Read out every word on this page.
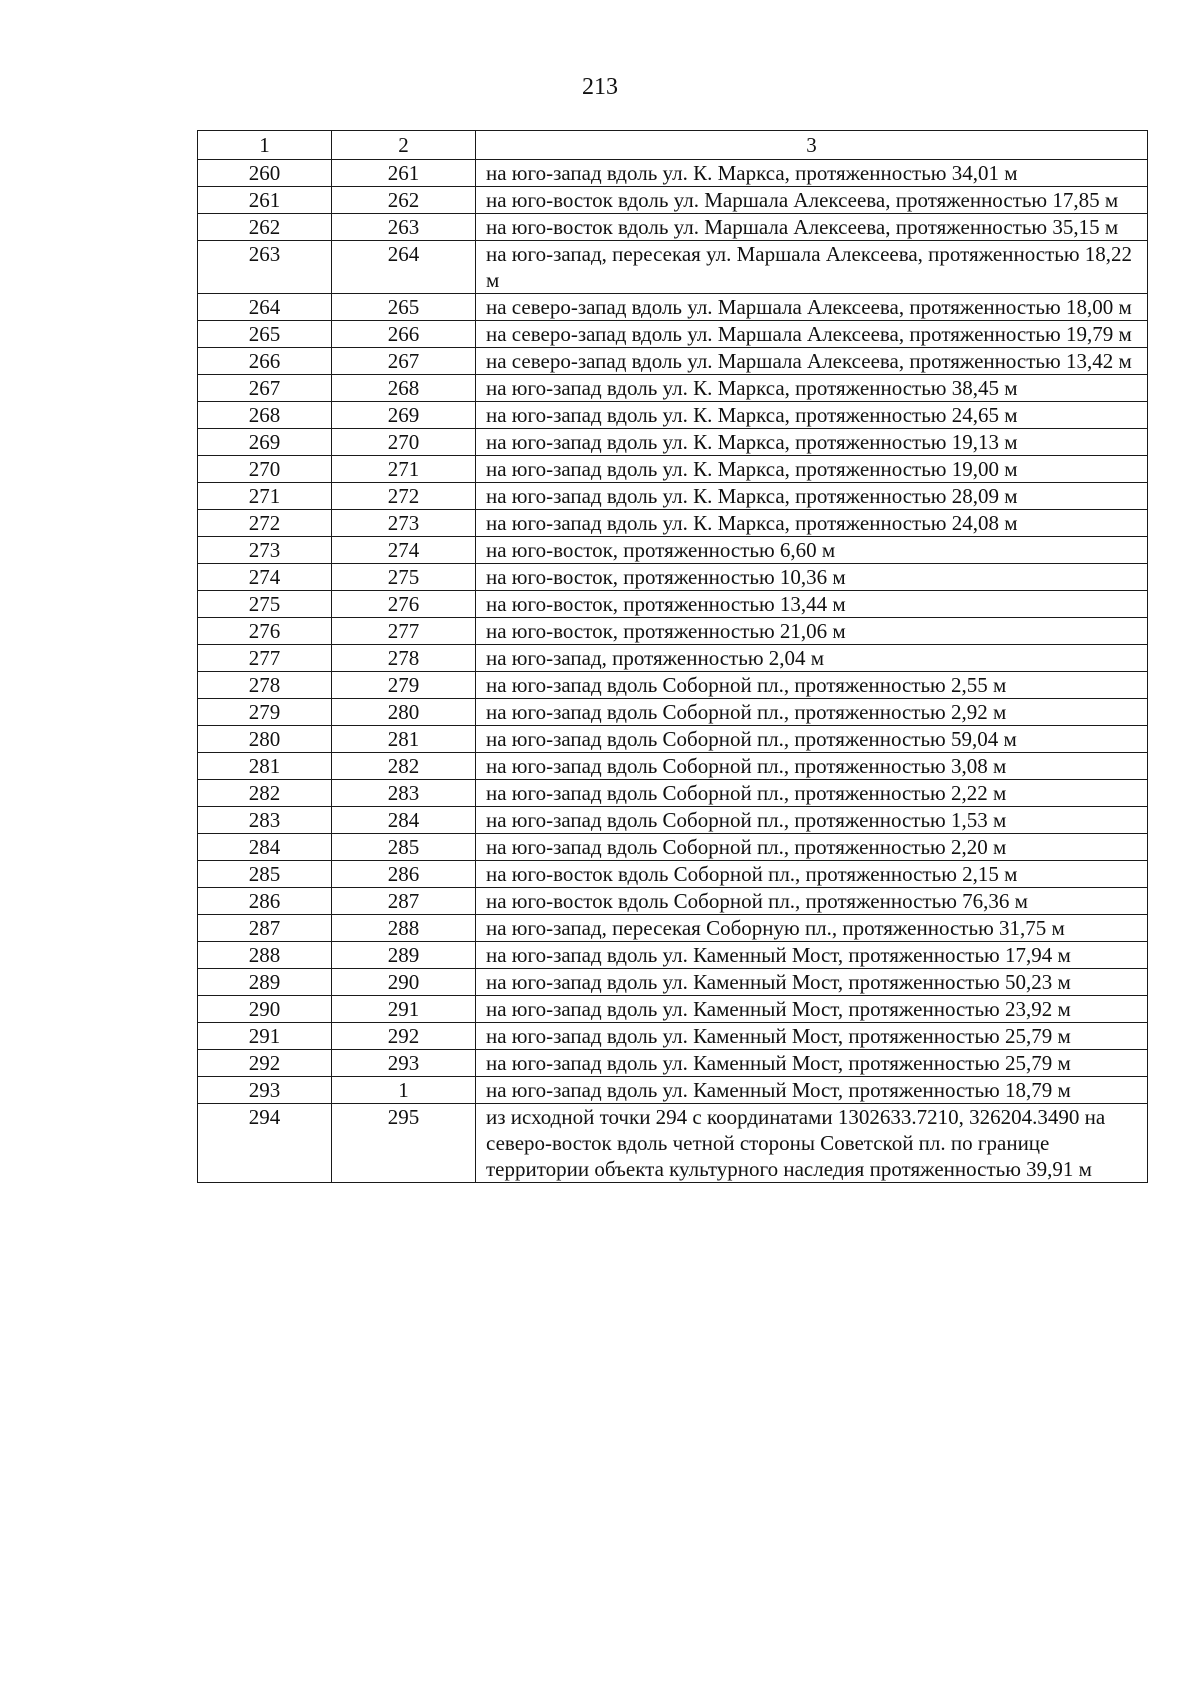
213
1	2	3
260	261	на юго-запад вдоль ул. К. Маркса, протяженностью 34,01 м
261	262	на юго-восток вдоль ул. Маршала Алексеева, протяженностью 17,85 м
262	263	на юго-восток вдоль ул. Маршала Алексеева, протяженностью 35,15 м
263	264	на юго-запад, пересекая ул. Маршала Алексеева, протяженностью 18,22 м
264	265	на северо-запад вдоль ул. Маршала Алексеева, протяженностью 18,00 м
265	266	на северо-запад вдоль ул. Маршала Алексеева, протяженностью 19,79 м
266	267	на северо-запад вдоль ул. Маршала Алексеева, протяженностью 13,42 м
267	268	на юго-запад вдоль ул. К. Маркса, протяженностью 38,45 м
268	269	на юго-запад вдоль ул. К. Маркса, протяженностью 24,65 м
269	270	на юго-запад вдоль ул. К. Маркса, протяженностью 19,13 м
270	271	на юго-запад вдоль ул. К. Маркса, протяженностью 19,00 м
271	272	на юго-запад вдоль ул. К. Маркса, протяженностью 28,09 м
272	273	на юго-запад вдоль ул. К. Маркса, протяженностью 24,08 м
273	274	на юго-восток, протяженностью 6,60 м
274	275	на юго-восток, протяженностью 10,36 м
275	276	на юго-восток, протяженностью 13,44 м
276	277	на юго-восток, протяженностью 21,06 м
277	278	на юго-запад, протяженностью 2,04 м
278	279	на юго-запад вдоль Соборной пл., протяженностью 2,55 м
279	280	на юго-запад вдоль Соборной пл., протяженностью 2,92 м
280	281	на юго-запад вдоль Соборной пл., протяженностью 59,04 м
281	282	на юго-запад вдоль Соборной пл., протяженностью 3,08 м
282	283	на юго-запад вдоль Соборной пл., протяженностью 2,22 м
283	284	на юго-запад вдоль Соборной пл., протяженностью 1,53 м
284	285	на юго-запад вдоль Соборной пл., протяженностью 2,20 м
285	286	на юго-восток вдоль Соборной пл., протяженностью 2,15 м
286	287	на юго-восток вдоль Соборной пл., протяженностью 76,36 м
287	288	на юго-запад, пересекая Соборную пл., протяженностью 31,75 м
288	289	на юго-запад вдоль ул. Каменный Мост, протяженностью 17,94 м
289	290	на юго-запад вдоль ул. Каменный Мост, протяженностью 50,23 м
290	291	на юго-запад вдоль ул. Каменный Мост, протяженностью 23,92 м
291	292	на юго-запад вдоль ул. Каменный Мост, протяженностью 25,79 м
292	293	на юго-запад вдоль ул. Каменный Мост, протяженностью 25,79 м
293	1	на юго-запад вдоль ул. Каменный Мост, протяженностью 18,79 м
294	295	из исходной точки 294 с координатами 1302633.7210, 326204.3490 на северо-восток вдоль четной стороны Советской пл. по границе территории объекта культурного наследия протяженностью 39,91 м
